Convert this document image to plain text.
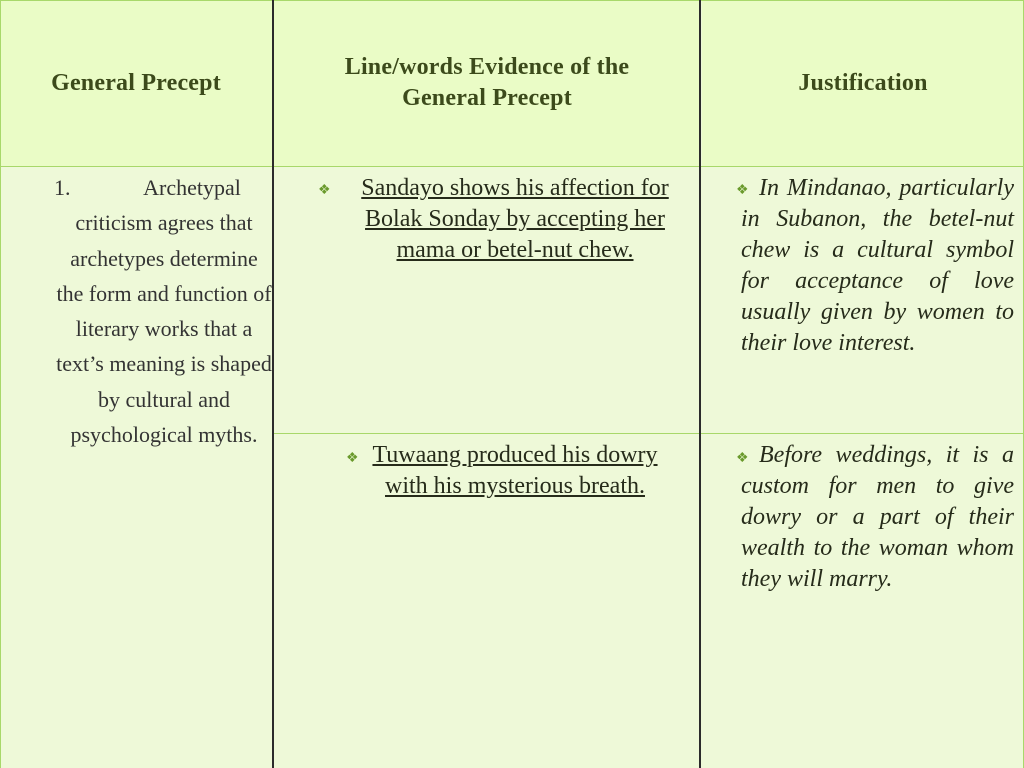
General Precept
Line/words Evidence of the General Precept
Justification
1.	Archetypal criticism agrees that archetypes determine the form and function of literary works that a text’s meaning is shaped by cultural and psychological myths.
❖	Sandayo shows his affection for Bolak Sonday by accepting her mama or betel-nut chew.
❖ In Mindanao, particularly in Subanon, the betel-nut chew is a cultural symbol for acceptance of love usually given by women to their love interest.
❖ Tuwaang produced his dowry with his mysterious breath.
❖ Before weddings, it is a custom for men to give dowry or a part of their wealth to the woman whom they will marry.
